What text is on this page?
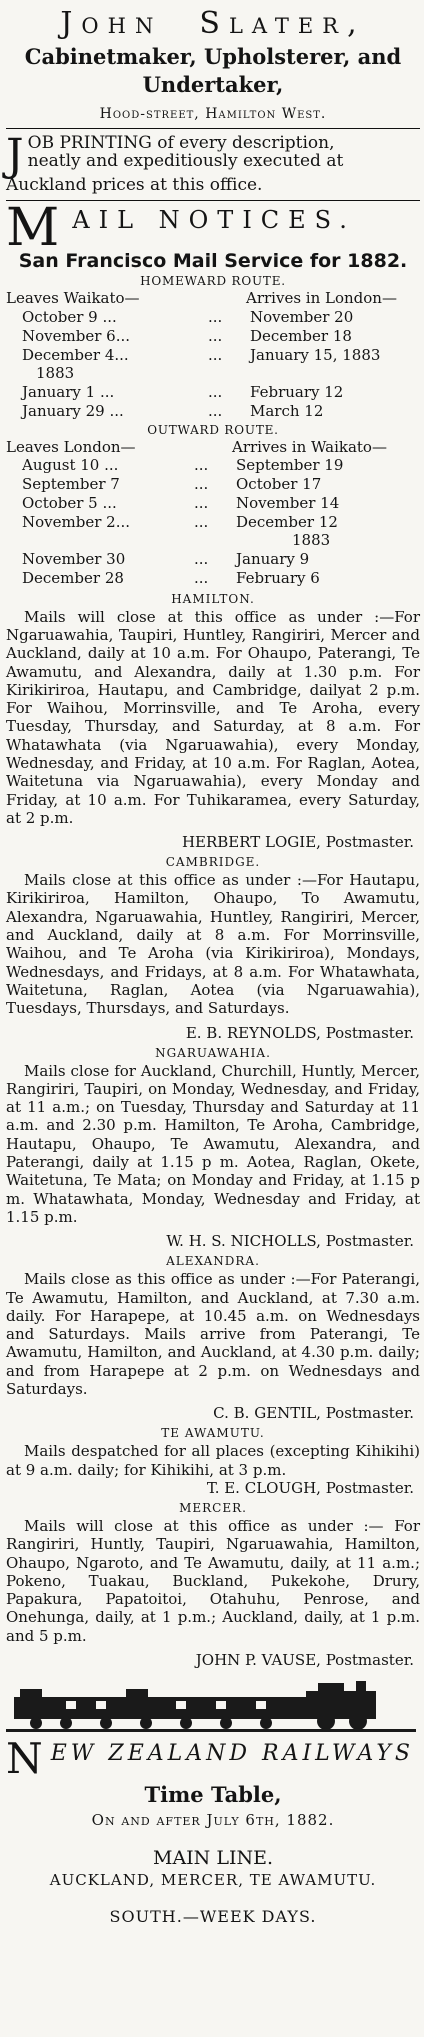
John Slater,
Cabinetmaker, Upholsterer, and
Undertaker,
Hood-street, Hamilton West.
J OB PRINTING of every description,
neatly and expeditiously executed at
Auckland prices at this office.
M AIL NOTICES.
San Francisco Mail Service for 1882.
HOMEWARD ROUTE.
Leaves Waikato—		Arrives in London—
October 9 ...	...	November 20
November 6...	...	December 18
December 4...	...	January 15, 1883
1883		
January 1 ...	...	February 12
January 29 ...	...	March 12
OUTWARD ROUTE.
Leaves London—		Arrives in Waikato—
August 10 ...	...	September 19
September 7	...	October 17
October 5 ...	...	November 14
November 2...	...	December 12
		1883
November 30	...	January 9
December 28	...	February 6
HAMILTON.
Mails will close at this office as under :—For Ngaruawahia, Taupiri, Huntley, Rangiriri, Mercer and Auckland, daily at 10 a.m. For Ohaupo, Paterangi, Te Awamutu, and Alexandra, daily at 1.30 p.m. For Kirikiriroa, Hautapu, and Cambridge, dailyat 2 p.m. For Waihou, Morrinsville, and Te Aroha, every Tuesday, Thursday, and Saturday, at 8 a.m. For Whatawhata (via Ngaruawahia), every Monday, Wednesday, and Friday, at 10 a.m. For Raglan, Aotea, Waitetuna via Ngaruawahia), every Monday and Friday, at 10 a.m. For Tuhikaramea, every Saturday, at 2 p.m.
HERBERT LOGIE, Postmaster.
CAMBRIDGE.
Mails close at this office as under :—For Hautapu, Kirikiriroa, Hamilton, Ohaupo, To Awamutu, Alexandra, Ngaruawahia, Huntley, Rangiriri, Mercer, and Auckland, daily at 8 a.m. For Morrinsville, Waihou, and Te Aroha (via Kirikiriroa), Mondays, Wednesdays, and Fridays, at 8 a.m. For Whatawhata, Waitetuna, Raglan, Aotea (via Ngaruawahia), Tuesdays, Thursdays, and Saturdays.
E. B. REYNOLDS, Postmaster.
NGARUAWAHIA.
Mails close for Auckland, Churchill, Huntly, Mercer, Rangiriri, Taupiri, on Monday, Wednesday, and Friday, at 11 a.m.; on Tuesday, Thursday and Saturday at 11 a.m. and 2.30 p.m. Hamilton, Te Aroha, Cambridge, Hautapu, Ohaupo, Te Awamutu, Alexandra, and Paterangi, daily at 1.15 p m. Aotea, Raglan, Okete, Waitetuna, Te Mata; on Monday and Friday, at 1.15 p m. Whatawhata, Monday, Wednesday and Friday, at 1.15 p.m.
W. H. S. NICHOLLS, Postmaster.
ALEXANDRA.
Mails close as this office as under :—For Paterangi, Te Awamutu, Hamilton, and Auckland, at 7.30 a.m. daily. For Harapepe, at 10.45 a.m. on Wednesdays and Saturdays. Mails arrive from Paterangi, Te Awamutu, Hamilton, and Auckland, at 4.30 p.m. daily; and from Harapepe at 2 p.m. on Wednesdays and Saturdays.
C. B. GENTIL, Postmaster.
TE AWAMUTU.
Mails despatched for all places (excepting Kihikihi) at 9 a.m. daily; for Kihikihi, at 3 p.m.
T. E. CLOUGH, Postmaster.
MERCER.
Mails will close at this office as under :— For Rangiriri, Huntly, Taupiri, Ngaruawahia, Hamilton, Ohaupo, Ngaroto, and Te Awamutu, daily, at 11 a.m.; Pokeno, Tuakau, Buckland, Pukekohe, Drury, Papakura, Papatoitoi, Otahuhu, Penrose, and Onehunga, daily, at 1 p.m.; Auckland, daily, at 1 p.m. and 5 p.m.
JOHN P. VAUSE, Postmaster.
N EW ZEALAND RAILWAYS
Time Table,
On and after July 6th, 1882.
MAIN LINE.
AUCKLAND, MERCER, TE AWAMUTU.
SOUTH.—WEEK DAYS.
